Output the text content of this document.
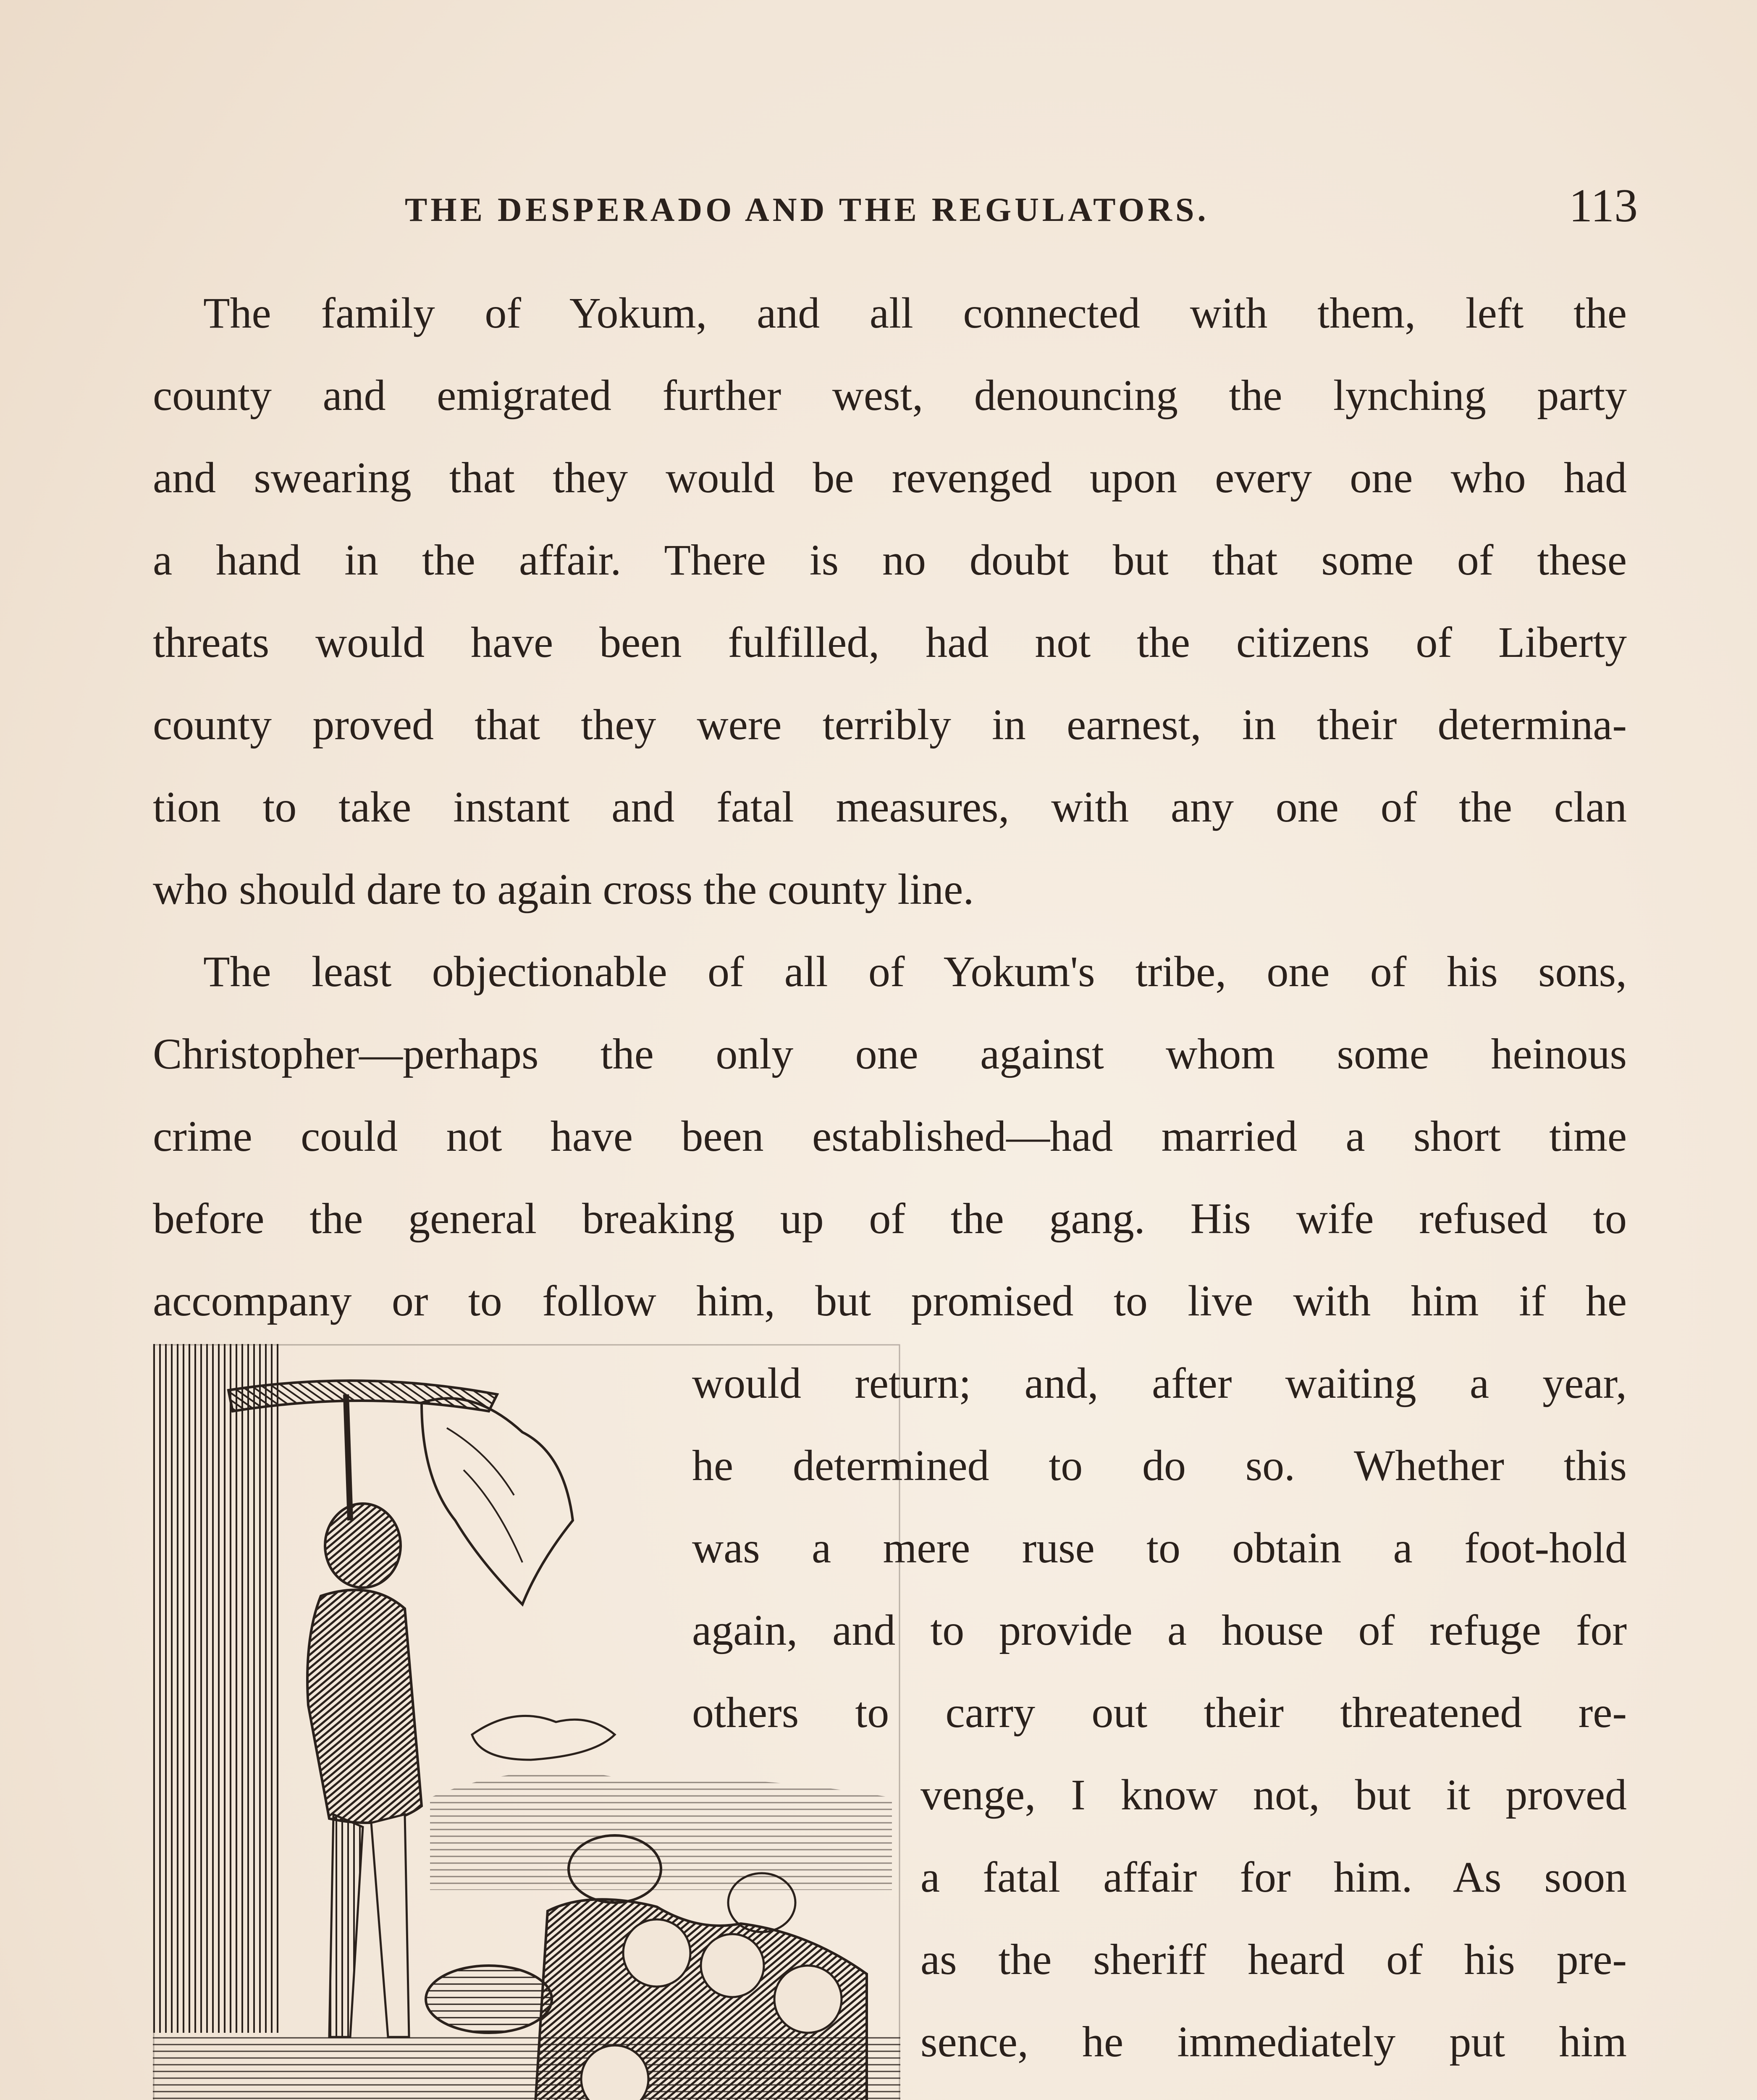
THE DESPERADO AND THE REGULATORS.	113
The family of Yokum, and all connected with them, left the
county and emigrated further west, denouncing the lynching party
and swearing that they would be revenged upon every one who had
a hand in the affair. There is no doubt but that some of these
threats would have been fulfilled, had not the citizens of Liberty
county proved that they were terribly in earnest, in their determina-
tion to take instant and fatal measures, with any one of the clan
who should dare to again cross the county line.
The least objectionable of all of Yokum's tribe, one of his sons,
Christopher—perhaps the only one against whom some heinous
crime could not have been established—had married a short time
before the general breaking up of the gang. His wife refused to
accompany or to follow him, but promised to live with him if he
would return; and, after waiting a year,
he determined to do so. Whether this
was a mere ruse to obtain a foot-hold
again, and to provide a house of refuge for
others to carry out their threatened re-
venge, I know not, but it proved
a fatal affair for him. As soon
as the sheriff heard of his pre-
sence, he immediately put him
